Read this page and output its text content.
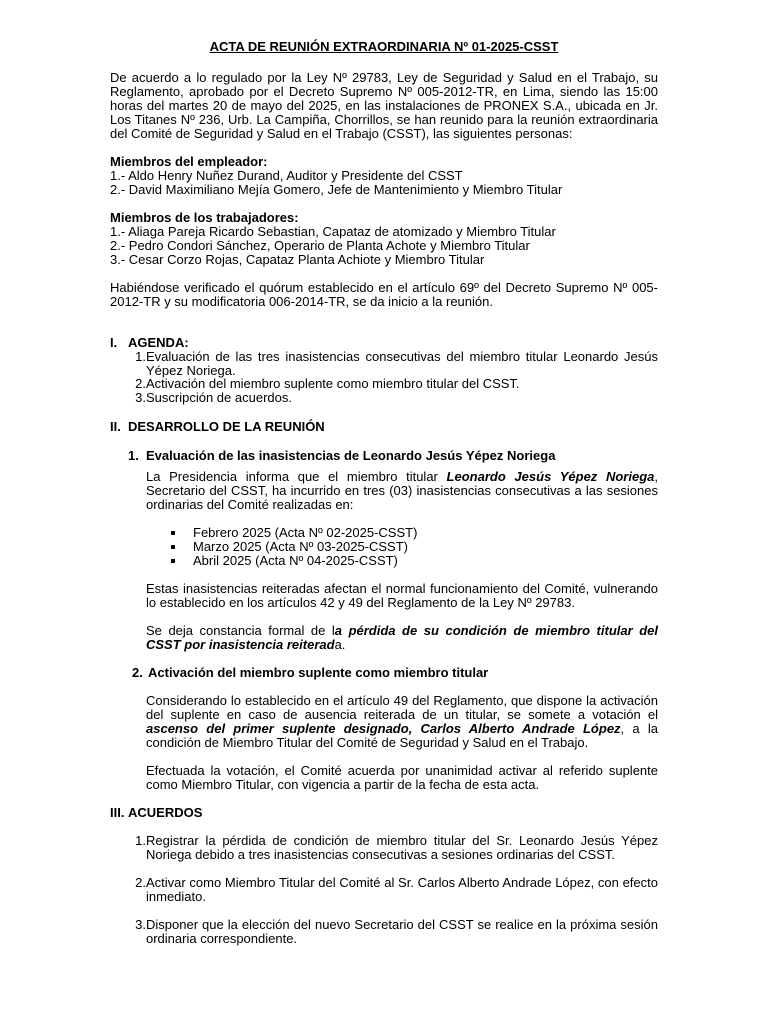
ACTA DE REUNIÓN EXTRAORDINARIA Nº 01-2025-CSST
De acuerdo a lo regulado por la Ley Nº 29783, Ley de Seguridad y Salud en el Trabajo, su Reglamento, aprobado por el Decreto Supremo Nº 005-2012-TR, en Lima, siendo las 15:00 horas del martes 20 de mayo del 2025, en las instalaciones de PRONEX S.A., ubicada en Jr. Los Titanes Nº 236, Urb. La Campiña, Chorrillos, se han reunido para la reunión extraordinaria del Comité de Seguridad y Salud en el Trabajo (CSST), las siguientes personas:
Miembros del empleador:
1.- Aldo Henry Nuñez Durand, Auditor y Presidente del CSST
2.- David Maximiliano Mejía Gomero, Jefe de Mantenimiento y Miembro Titular
Miembros de los trabajadores:
1.- Aliaga Pareja Ricardo Sebastian, Capataz de atomizado y Miembro Titular
2.- Pedro Condori Sánchez, Operario de Planta Achote y Miembro Titular
3.- Cesar Corzo Rojas, Capataz Planta Achiote y Miembro Titular
Habiéndose verificado el quórum establecido en el artículo 69º del Decreto Supremo Nº 005-2012-TR y su modificatoria 006-2014-TR, se da inicio a la reunión.
I. AGENDA:
1. Evaluación de las tres inasistencias consecutivas del miembro titular Leonardo Jesús Yépez Noriega.
2. Activación del miembro suplente como miembro titular del CSST.
3. Suscripción de acuerdos.
II. DESARROLLO DE LA REUNIÓN
1. Evaluación de las inasistencias de Leonardo Jesús Yépez Noriega
La Presidencia informa que el miembro titular Leonardo Jesús Yépez Noriega, Secretario del CSST, ha incurrido en tres (03) inasistencias consecutivas a las sesiones ordinarias del Comité realizadas en:
Febrero 2025 (Acta Nº 02-2025-CSST)
Marzo 2025 (Acta Nº 03-2025-CSST)
Abril 2025 (Acta Nº 04-2025-CSST)
Estas inasistencias reiteradas afectan el normal funcionamiento del Comité, vulnerando lo establecido en los artículos 42 y 49 del Reglamento de la Ley Nº 29783.
Se deja constancia formal de la pérdida de su condición de miembro titular del CSST por inasistencia reiterada.
2. Activación del miembro suplente como miembro titular
Considerando lo establecido en el artículo 49 del Reglamento, que dispone la activación del suplente en caso de ausencia reiterada de un titular, se somete a votación el ascenso del primer suplente designado, Carlos Alberto Andrade López, a la condición de Miembro Titular del Comité de Seguridad y Salud en el Trabajo.
Efectuada la votación, el Comité acuerda por unanimidad activar al referido suplente como Miembro Titular, con vigencia a partir de la fecha de esta acta.
III. ACUERDOS
1. Registrar la pérdida de condición de miembro titular del Sr. Leonardo Jesús Yépez Noriega debido a tres inasistencias consecutivas a sesiones ordinarias del CSST.
2. Activar como Miembro Titular del Comité al Sr. Carlos Alberto Andrade López, con efecto inmediato.
3. Disponer que la elección del nuevo Secretario del CSST se realice en la próxima sesión ordinaria correspondiente.
